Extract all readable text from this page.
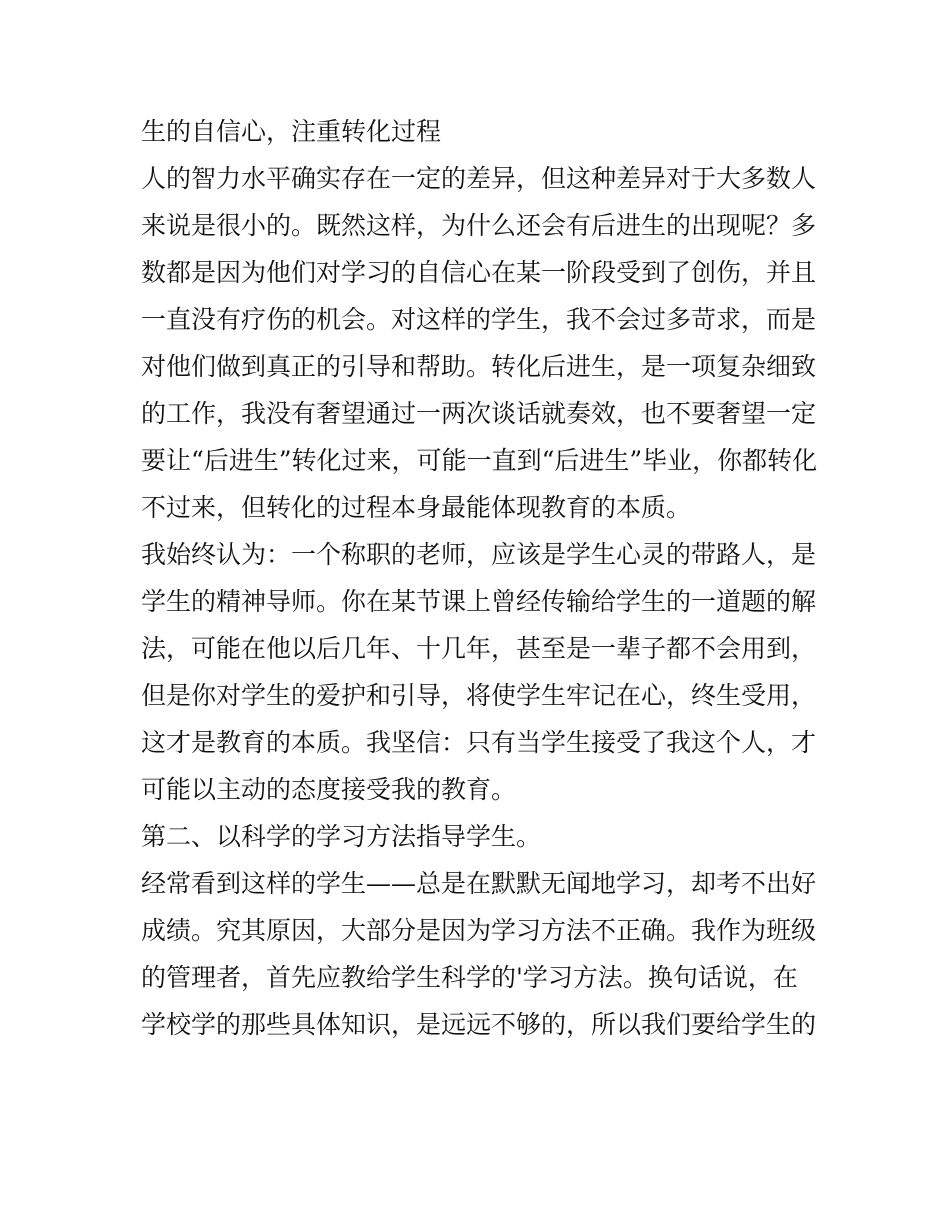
生的自信心，注重转化过程
人的智力水平确实存在一定的差异，但这种差异对于大多数人
来说是很小的。既然这样，为什么还会有后进生的出现呢？多
数都是因为他们对学习的自信心在某一阶段受到了创伤，并且
一直没有疗伤的机会。对这样的学生，我不会过多苛求，而是
对他们做到真正的引导和帮助。转化后进生，是一项复杂细致
的工作，我没有奢望通过一两次谈话就奏效，也不要奢望一定
要让“后进生”转化过来，可能一直到“后进生”毕业，你都转化
不过来，但转化的过程本身最能体现教育的本质。
我始终认为：一个称职的老师，应该是学生心灵的带路人，是
学生的精神导师。你在某节课上曾经传输给学生的一道题的解
法，可能在他以后几年、十几年，甚至是一辈子都不会用到，
但是你对学生的爱护和引导，将使学生牢记在心，终生受用，
这才是教育的本质。我坚信：只有当学生接受了我这个人，才
可能以主动的态度接受我的教育。
第二、以科学的学习方法指导学生。
经常看到这样的学生——总是在默默无闻地学习，却考不出好
成绩。究其原因，大部分是因为学习方法不正确。我作为班级
的管理者，首先应教给学生科学的'学习方法。换句话说，在
学校学的那些具体知识，是远远不够的，所以我们要给学生的
